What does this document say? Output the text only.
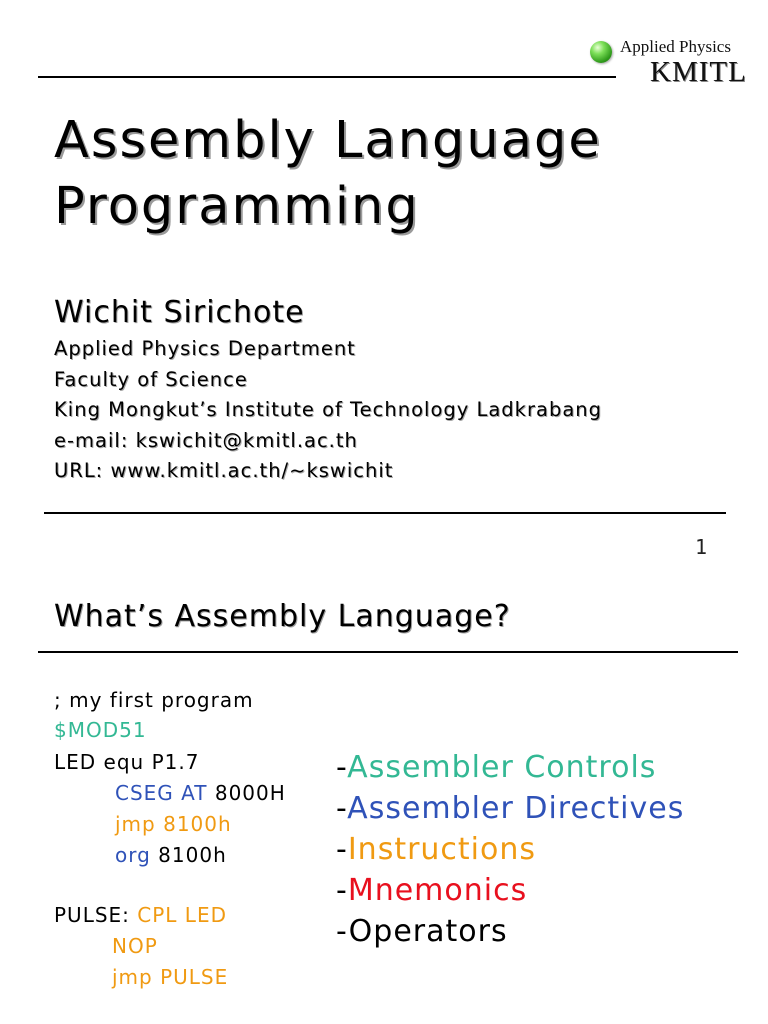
Applied Physics
KMITL
Assembly Language
Programming
Wichit Sirichote
Applied Physics Department
Faculty of Science
King Mongkut’s Institute of Technology Ladkrabang
e-mail: kswichit@kmitl.ac.th
URL: www.kmitl.ac.th/~kswichit
1
What’s Assembly Language?
; my first program
$MOD51
LED equ P1.7
CSEG AT 8000H
jmp 8100h
org 8100h
PULSE: CPL LED
NOP
jmp PULSE
-Assembler Controls
-Assembler Directives
-Instructions
-Mnemonics
-Operators
